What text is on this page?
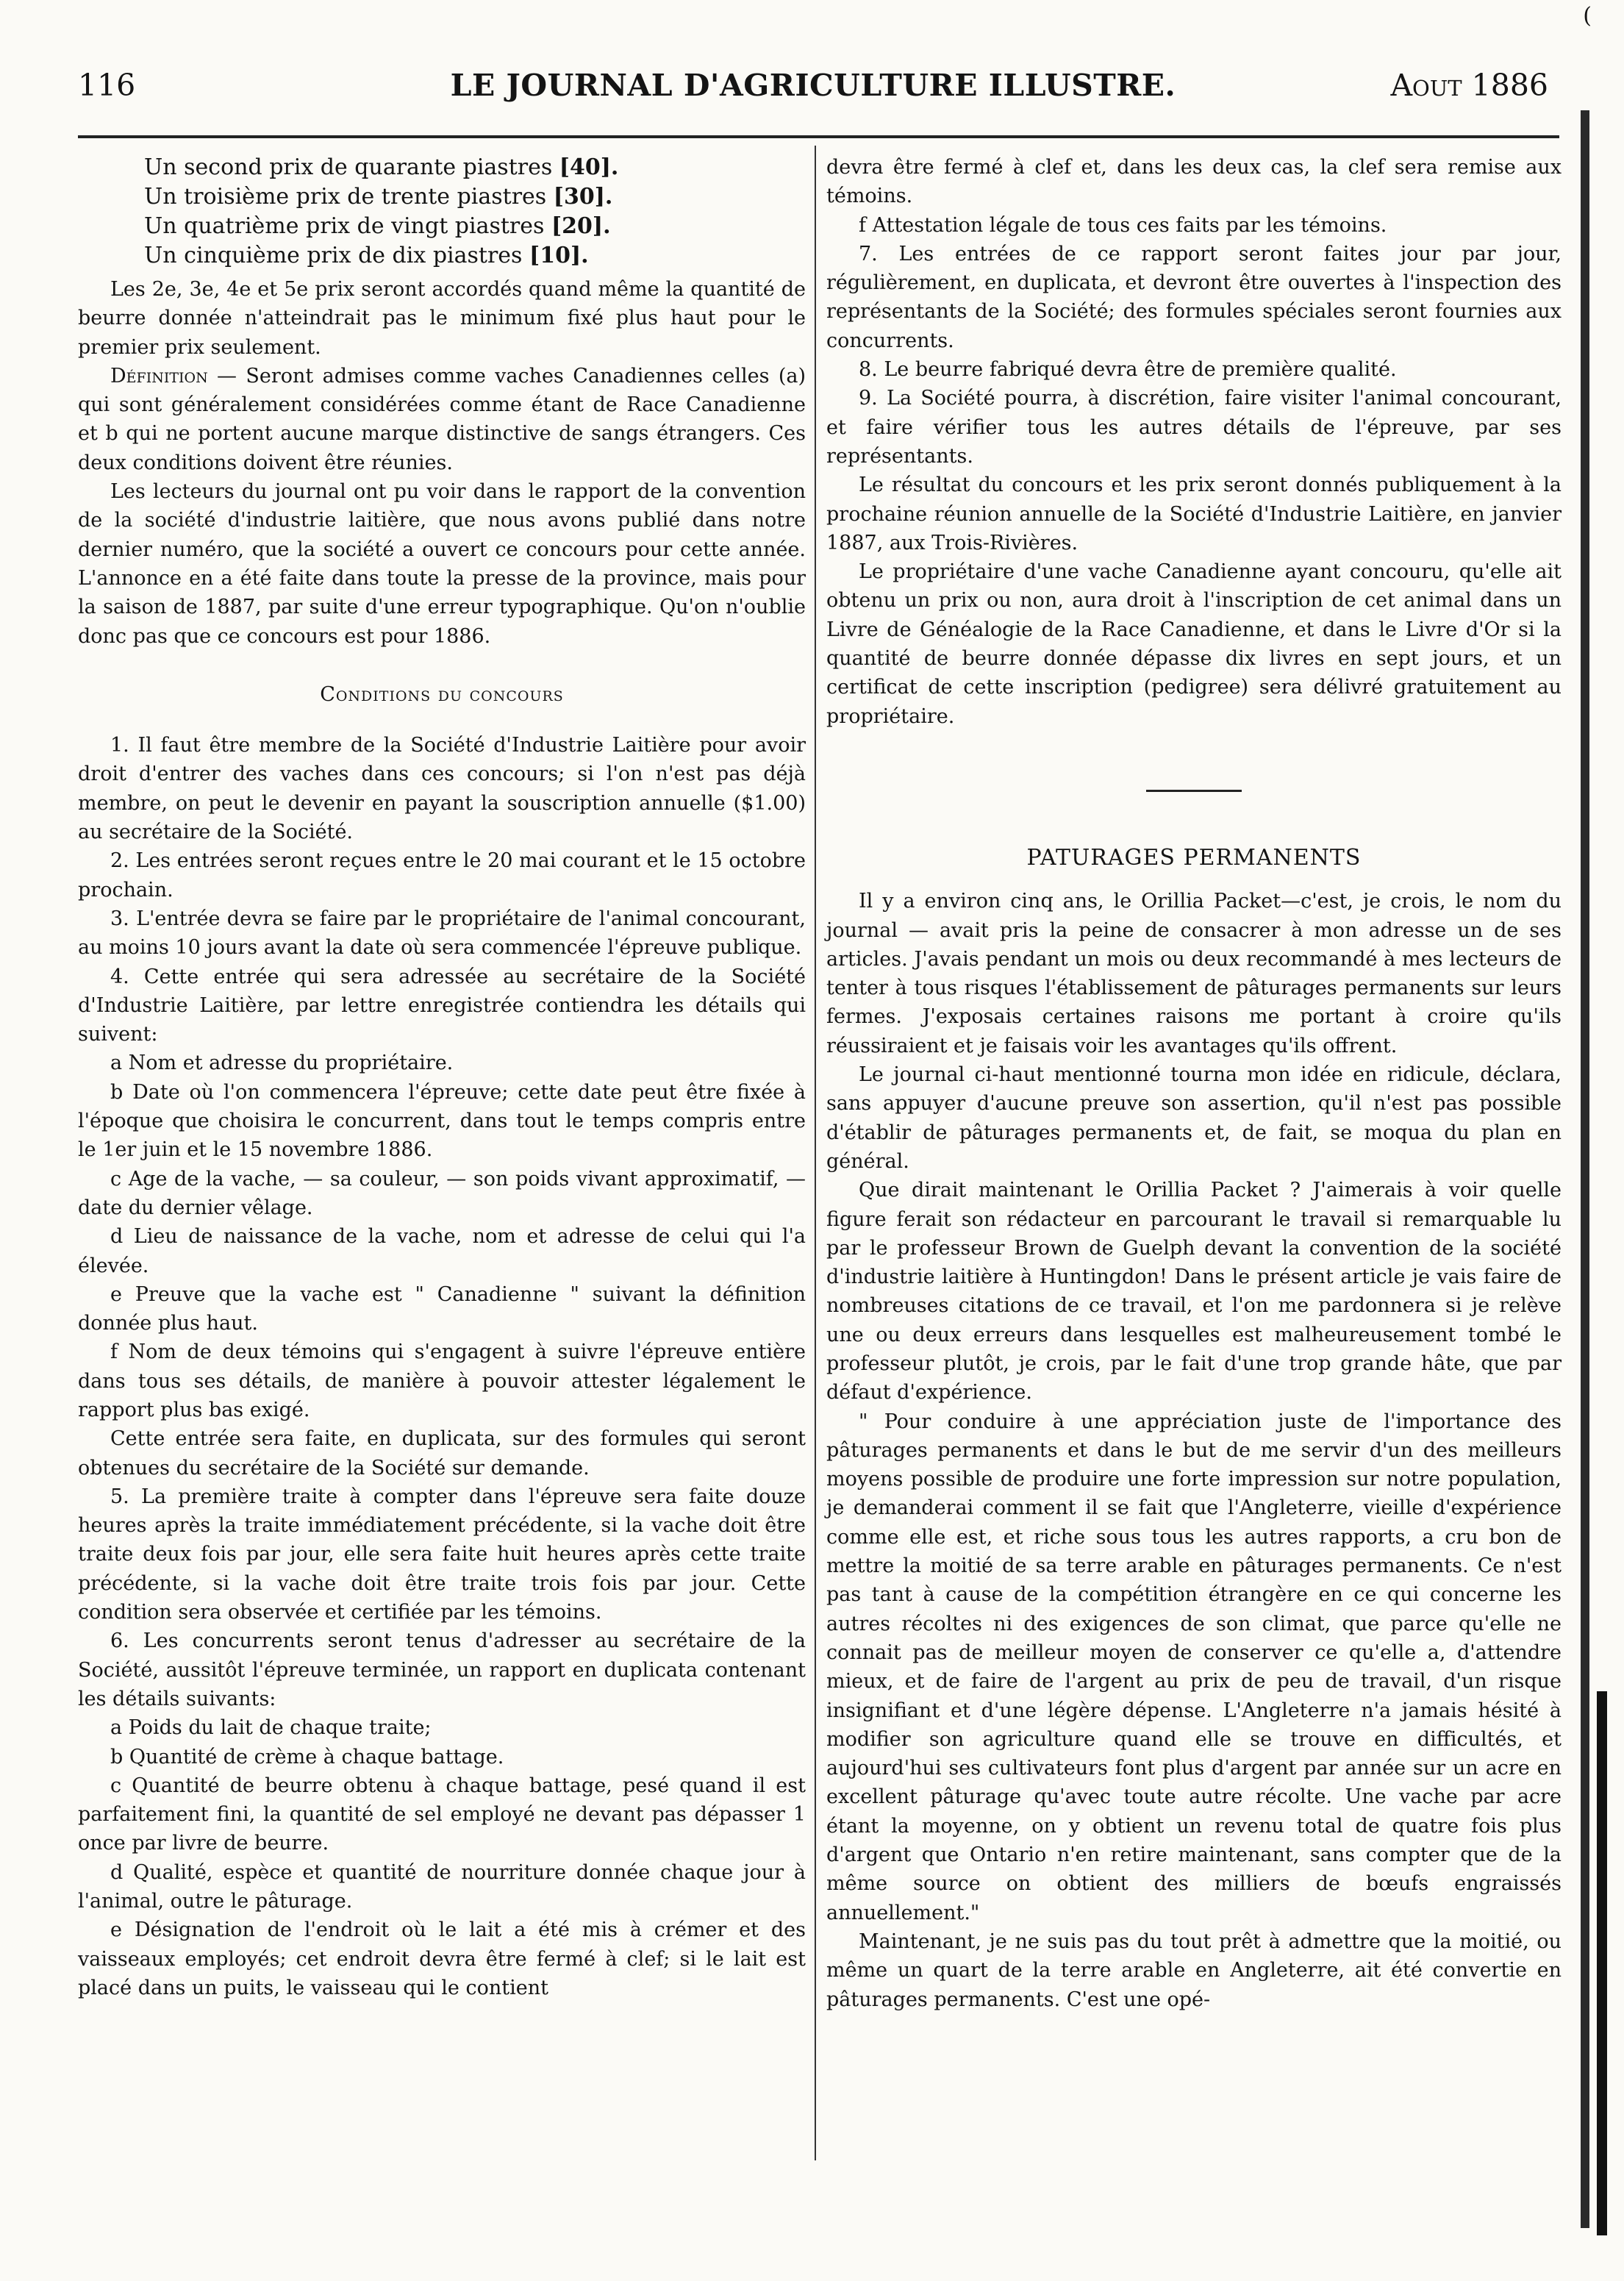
(
116	LE JOURNAL D'AGRICULTURE ILLUSTRE.	Aout 1886
Un second prix de quarante piastres [40].
Un troisième prix de trente piastres [30].
Un quatrième prix de vingt piastres [20].
Un cinquième prix de dix piastres [10].

Les 2e, 3e, 4e et 5e prix seront accordés quand même la quantité de beurre donnée n'atteindrait pas le minimum fixé plus haut pour le premier prix seulement.

Définition — Seront admises comme vaches Canadiennes celles (a) qui sont généralement considérées comme étant de Race Canadienne et b qui ne portent aucune marque distinctive de sangs étrangers. Ces deux conditions doivent être réunies.

Les lecteurs du journal ont pu voir dans le rapport de la convention de la société d'industrie laitière, que nous avons publié dans notre dernier numéro, que la société a ouvert ce concours pour cette année. L'annonce en a été faite dans toute la presse de la province, mais pour la saison de 1887, par suite d'une erreur typographique. Qu'on n'oublie donc pas que ce concours est pour 1886.

Conditions du concours

1. Il faut être membre de la Société d'Industrie Laitière pour avoir droit d'entrer des vaches dans ces concours; si l'on n'est pas déjà membre, on peut le devenir en payant la souscription annuelle ($1.00) au secrétaire de la Société.

2. Les entrées seront reçues entre le 20 mai courant et le 15 octobre prochain.

3. L'entrée devra se faire par le propriétaire de l'animal concourant, au moins 10 jours avant la date où sera commencée l'épreuve publique.

4. Cette entrée qui sera adressée au secrétaire de la Société d'Industrie Laitière, par lettre enregistrée contiendra les détails qui suivent:

a Nom et adresse du propriétaire.

b Date où l'on commencera l'épreuve; cette date peut être fixée à l'époque que choisira le concurrent, dans tout le temps compris entre le 1er juin et le 15 novembre 1886.

c Age de la vache, — sa couleur, — son poids vivant approximatif, — date du dernier vêlage.

d Lieu de naissance de la vache, nom et adresse de celui qui l'a élevée.

e Preuve que la vache est " Canadienne " suivant la définition donnée plus haut.

f Nom de deux témoins qui s'engagent à suivre l'épreuve entière dans tous ses détails, de manière à pouvoir attester légalement le rapport plus bas exigé.

Cette entrée sera faite, en duplicata, sur des formules qui seront obtenues du secrétaire de la Société sur demande.

5. La première traite à compter dans l'épreuve sera faite douze heures après la traite immédiatement précédente, si la vache doit être traite deux fois par jour, elle sera faite huit heures après cette traite précédente, si la vache doit être traite trois fois par jour. Cette condition sera observée et certifiée par les témoins.

6. Les concurrents seront tenus d'adresser au secrétaire de la Société, aussitôt l'épreuve terminée, un rapport en duplicata contenant les détails suivants:

a Poids du lait de chaque traite;

b Quantité de crème à chaque battage.

c Quantité de beurre obtenu à chaque battage, pesé quand il est parfaitement fini, la quantité de sel employé ne devant pas dépasser 1 once par livre de beurre.

d Qualité, espèce et quantité de nourriture donnée chaque jour à l'animal, outre le pâturage.

e Désignation de l'endroit où le lait a été mis à crémer et des vaisseaux employés; cet endroit devra être fermé à clef; si le lait est placé dans un puits, le vaisseau qui le contient

devra être fermé à clef et, dans les deux cas, la clef sera remise aux témoins.

f Attestation légale de tous ces faits par les témoins.

7. Les entrées de ce rapport seront faites jour par jour, régulièrement, en duplicata, et devront être ouvertes à l'inspection des représentants de la Société; des formules spéciales seront fournies aux concurrents.

8. Le beurre fabriqué devra être de première qualité.

9. La Société pourra, à discrétion, faire visiter l'animal concourant, et faire vérifier tous les autres détails de l'épreuve, par ses représentants.

Le résultat du concours et les prix seront donnés publiquement à la prochaine réunion annuelle de la Société d'Industrie Laitière, en janvier 1887, aux Trois-Rivières.

Le propriétaire d'une vache Canadienne ayant concouru, qu'elle ait obtenu un prix ou non, aura droit à l'inscription de cet animal dans un Livre de Généalogie de la Race Canadienne, et dans le Livre d'Or si la quantité de beurre donnée dépasse dix livres en sept jours, et un certificat de cette inscription (pedigree) sera délivré gratuitement au propriétaire.

PATURAGES PERMANENTS

Il y a environ cinq ans, le Orillia Packet—c'est, je crois, le nom du journal — avait pris la peine de consacrer à mon adresse un de ses articles. J'avais pendant un mois ou deux recommandé à mes lecteurs de tenter à tous risques l'établissement de pâturages permanents sur leurs fermes. J'exposais certaines raisons me portant à croire qu'ils réussiraient et je faisais voir les avantages qu'ils offrent.

Le journal ci-haut mentionné tourna mon idée en ridicule, déclara, sans appuyer d'aucune preuve son assertion, qu'il n'est pas possible d'établir de pâturages permanents et, de fait, se moqua du plan en général.

Que dirait maintenant le Orillia Packet ? J'aimerais à voir quelle figure ferait son rédacteur en parcourant le travail si remarquable lu par le professeur Brown de Guelph devant la convention de la société d'industrie laitière à Huntingdon! Dans le présent article je vais faire de nombreuses citations de ce travail, et l'on me pardonnera si je relève une ou deux erreurs dans lesquelles est malheureusement tombé le professeur plutôt, je crois, par le fait d'une trop grande hâte, que par défaut d'expérience.

" Pour conduire à une appréciation juste de l'importance des pâturages permanents et dans le but de me servir d'un des meilleurs moyens possible de produire une forte impression sur notre population, je demanderai comment il se fait que l'Angleterre, vieille d'expérience comme elle est, et riche sous tous les autres rapports, a cru bon de mettre la moitié de sa terre arable en pâturages permanents. Ce n'est pas tant à cause de la compétition étrangère en ce qui concerne les autres récoltes ni des exigences de son climat, que parce qu'elle ne connait pas de meilleur moyen de conserver ce qu'elle a, d'attendre mieux, et de faire de l'argent au prix de peu de travail, d'un risque insignifiant et d'une légère dépense. L'Angleterre n'a jamais hésité à modifier son agriculture quand elle se trouve en difficultés, et aujourd'hui ses cultivateurs font plus d'argent par année sur un acre en excellent pâturage qu'avec toute autre récolte. Une vache par acre étant la moyenne, on y obtient un revenu total de quatre fois plus d'argent que Ontario n'en retire maintenant, sans compter que de la même source on obtient des milliers de bœufs engraissés annuellement."

Maintenant, je ne suis pas du tout prêt à admettre que la moitié, ou même un quart de la terre arable en Angleterre, ait été convertie en pâturages permanents. C'est une opé-
